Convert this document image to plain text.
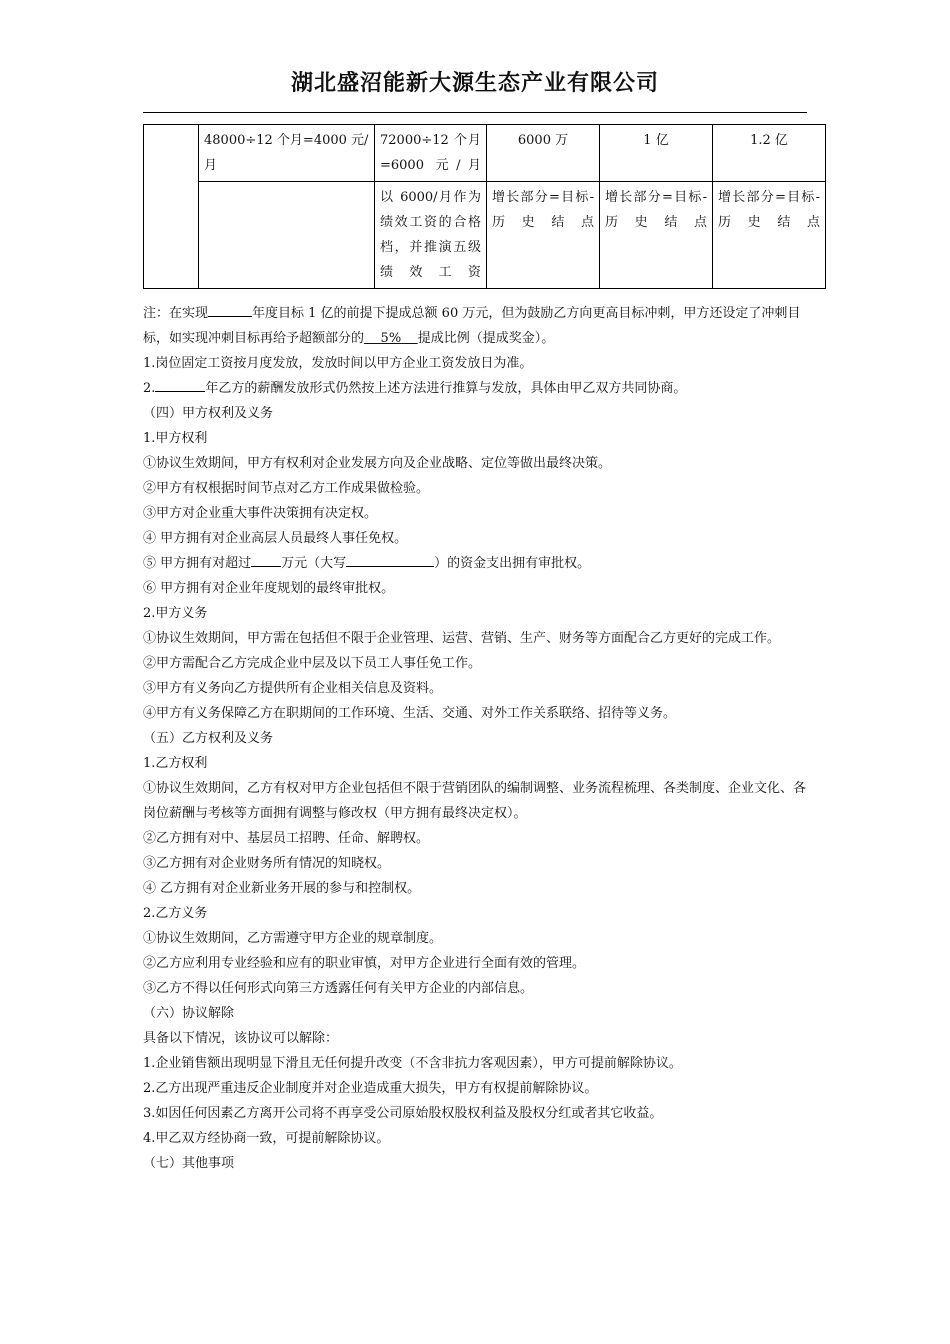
湖北盛沼能新大源生态产业有限公司
	48000÷12 个月=4000 元/月	72000÷12 个月=6000 元/月	6000 万	1 亿	1.2 亿
		以 6000/月作为绩效工资的合格档，并推演五级绩效工资	增长部分=目标-历史结点	增长部分=目标-历史结点	增长部分=目标-历史结点

注：在实现	年度目标 1 亿的前提下提成总额 60 万元，但为鼓励乙方向更高目标冲刺，甲方还设定了冲刺目标，如实现冲刺目标再给予超额部分的 5% 提成比例（提成奖金）。

1.岗位固定工资按月度发放，发放时间以甲方企业工资发放日为准。

2.	年乙方的薪酬发放形式仍然按上述方法进行推算与发放，具体由甲乙双方共同协商。

（四）甲方权利及义务

1.甲方权利

①协议生效期间，甲方有权利对企业发展方向及企业战略、定位等做出最终决策。

②甲方有权根据时间节点对乙方工作成果做检验。

③甲方对企业重大事件决策拥有决定权。

④ 甲方拥有对企业高层人员最终人事任免权。

⑤ 甲方拥有对超过 万元（大写	）的资金支出拥有审批权。

⑥ 甲方拥有对企业年度规划的最终审批权。

2.甲方义务

①协议生效期间，甲方需在包括但不限于企业管理、运营、营销、生产、财务等方面配合乙方更好的完成工作。

②甲方需配合乙方完成企业中层及以下员工人事任免工作。

③甲方有义务向乙方提供所有企业相关信息及资料。

④甲方有义务保障乙方在职期间的工作环境、生活、交通、对外工作关系联络、招待等义务。

（五）乙方权利及义务

1.乙方权利

①协议生效期间，乙方有权对甲方企业包括但不限于营销团队的编制调整、业务流程梳理、各类制度、企业文化、各岗位薪酬与考核等方面拥有调整与修改权（甲方拥有最终决定权）。

②乙方拥有对中、基层员工招聘、任命、解聘权。

③乙方拥有对企业财务所有情况的知晓权。

④ 乙方拥有对企业新业务开展的参与和控制权。

2.乙方义务

①协议生效期间，乙方需遵守甲方企业的规章制度。

②乙方应利用专业经验和应有的职业审慎，对甲方企业进行全面有效的管理。

③乙方不得以任何形式向第三方透露任何有关甲方企业的内部信息。

（六）协议解除

具备以下情况，该协议可以解除：

1.企业销售额出现明显下滑且无任何提升改变（不含非抗力客观因素），甲方可提前解除协议。

2.乙方出现严重违反企业制度并对企业造成重大损失，甲方有权提前解除协议。

3.如因任何因素乙方离开公司将不再享受公司原始股权股权利益及股权分红或者其它收益。

4.甲乙双方经协商一致，可提前解除协议。

（七）其他事项
